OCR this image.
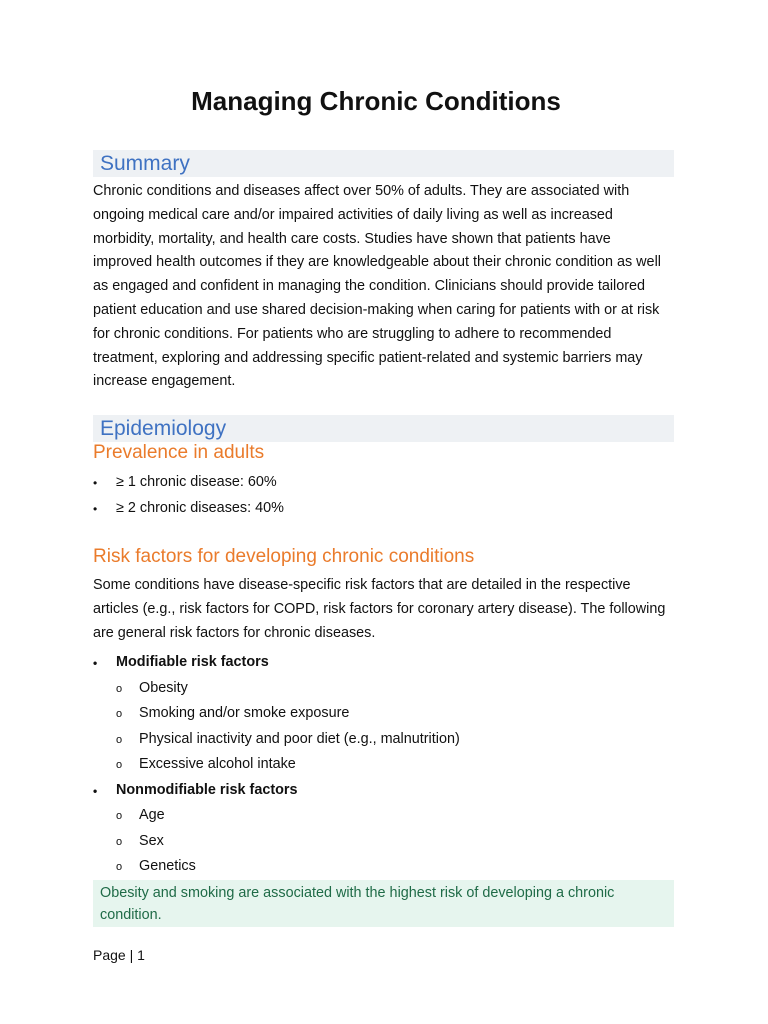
Managing Chronic Conditions
Summary
Chronic conditions and diseases affect over 50% of adults. They are associated with ongoing medical care and/or impaired activities of daily living as well as increased morbidity, mortality, and health care costs. Studies have shown that patients have improved health outcomes if they are knowledgeable about their chronic condition as well as engaged and confident in managing the condition. Clinicians should provide tailored patient education and use shared decision-making when caring for patients with or at risk for chronic conditions. For patients who are struggling to adhere to recommended treatment, exploring and addressing specific patient-related and systemic barriers may increase engagement.
Epidemiology
Prevalence in adults
• ≥ 1 chronic disease: 60%
• ≥ 2 chronic diseases: 40%
Risk factors for developing chronic conditions
Some conditions have disease-specific risk factors that are detailed in the respective articles (e.g., risk factors for COPD, risk factors for coronary artery disease). The following are general risk factors for chronic diseases.
• Modifiable risk factors
o Obesity
o Smoking and/or smoke exposure
o Physical inactivity and poor diet (e.g., malnutrition)
o Excessive alcohol intake
• Nonmodifiable risk factors
o Age
o Sex
o Genetics
Obesity and smoking are associated with the highest risk of developing a chronic condition.
Page | 1
